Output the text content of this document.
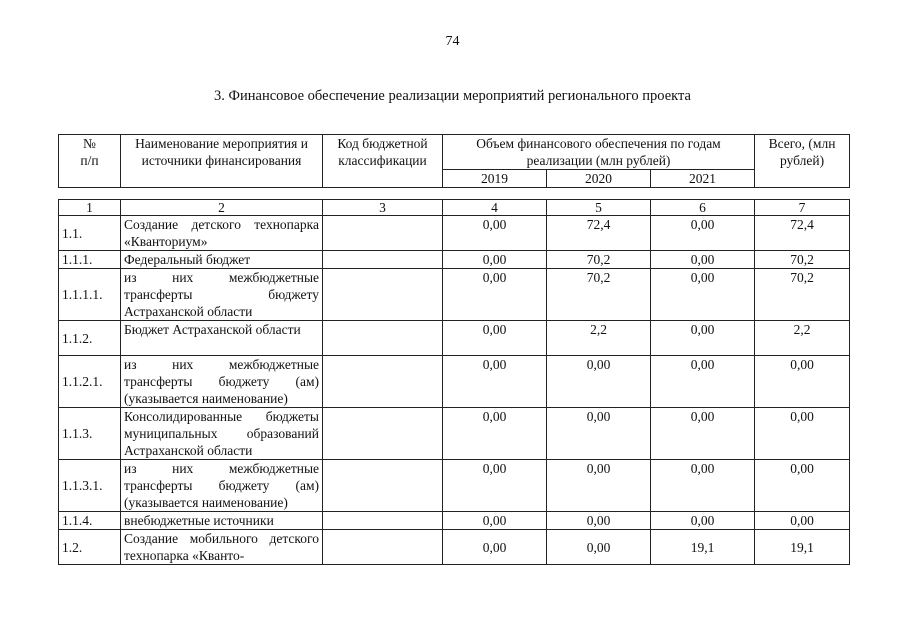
74
3. Финансовое обеспечение реализации мероприятий регионального проекта
№
п/п	Наименование мероприятия и источники финансирования	Код бюджетной классификации	Объем финансового обеспечения по годам реализации (млн рублей)			Всего, (млн рублей)
			2019	2020	2021	
1	2	3	4	5	6	7
1.1.	Создание детского технопарка «Кванториум»		0,00	72,4	0,00	72,4
1.1.1.	Федеральный бюджет		0,00	70,2	0,00	70,2
1.1.1.1.	из них межбюджетные трансферты бюджету Астраханской области		0,00	70,2	0,00	70,2
1.1.2.	Бюджет Астраханской области		0,00	2,2	0,00	2,2
1.1.2.1.	из них межбюджетные трансферты бюджету (ам) (указывается наименование)		0,00	0,00	0,00	0,00
1.1.3.	Консолидированные бюджеты муниципальных образований Астраханской области		0,00	0,00	0,00	0,00
1.1.3.1.	из них межбюджетные трансферты бюджету (ам) (указывается наименование)		0,00	0,00	0,00	0,00
1.1.4.	внебюджетные источники		0,00	0,00	0,00	0,00
1.2.	Создание мобильного детского технопарка «Кванто-		0,00	0,00	19,1	19,1
